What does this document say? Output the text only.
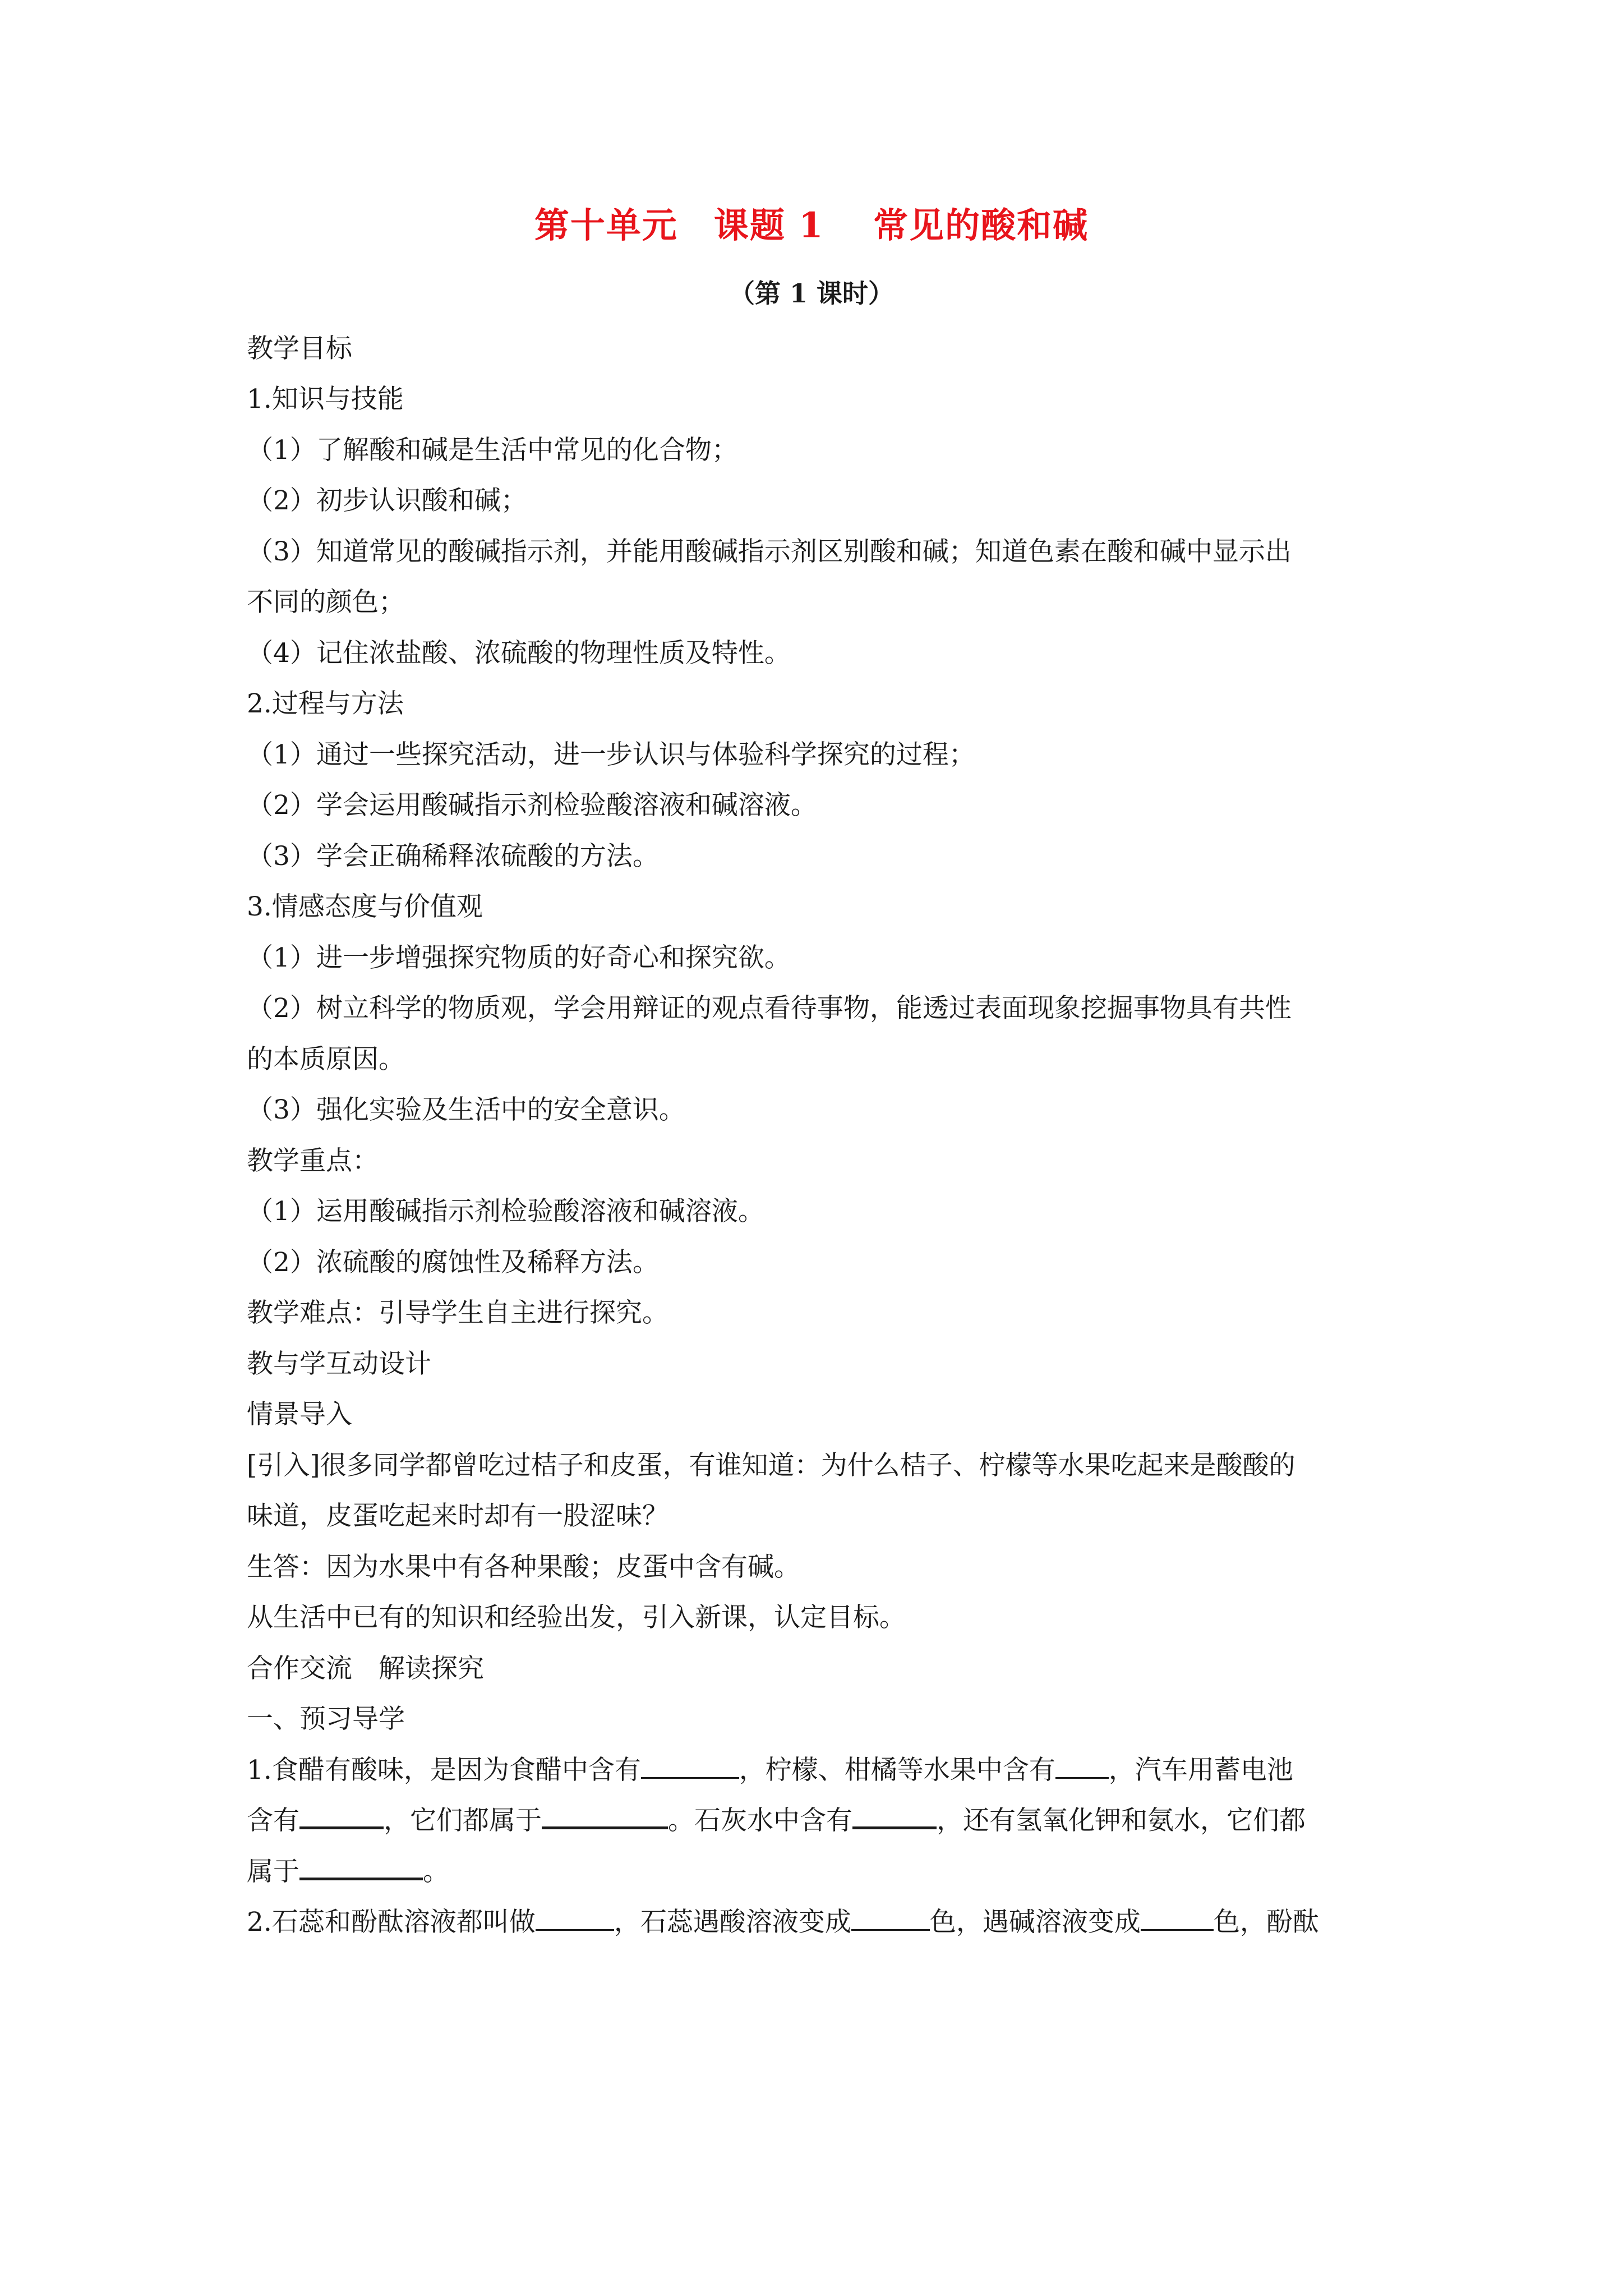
第十单元　课题 1　 常见的酸和碱
（第 1 课时）
教学目标
1.知识与技能
（1）了解酸和碱是生活中常见的化合物；
（2）初步认识酸和碱；
（3）知道常见的酸碱指示剂，并能用酸碱指示剂区别酸和碱；知道色素在酸和碱中显示出
不同的颜色；
（4）记住浓盐酸、浓硫酸的物理性质及特性。
2.过程与方法
（1）通过一些探究活动，进一步认识与体验科学探究的过程；
（2）学会运用酸碱指示剂检验酸溶液和碱溶液。
（3）学会正确稀释浓硫酸的方法。
3.情感态度与价值观
（1）进一步增强探究物质的好奇心和探究欲。
（2）树立科学的物质观，学会用辩证的观点看待事物，能透过表面现象挖掘事物具有共性
的本质原因。
（3）强化实验及生活中的安全意识。
教学重点：
（1）运用酸碱指示剂检验酸溶液和碱溶液。
（2）浓硫酸的腐蚀性及稀释方法。
教学难点：引导学生自主进行探究。
教与学互动设计
情景导入
[引入]很多同学都曾吃过桔子和皮蛋，有谁知道：为什么桔子、柠檬等水果吃起来是酸酸的
味道，皮蛋吃起来时却有一股涩味？
生答：因为水果中有各种果酸；皮蛋中含有碱。
从生活中已有的知识和经验出发，引入新课，认定目标。
合作交流　解读探究
一、预习导学
1.食醋有酸味，是因为食醋中含有	，柠檬、柑橘等水果中含有 ，汽车用蓄电池
含有	，它们都属于	。石灰水中含有	，还有氢氧化钾和氨水，它们都
属于	。
2.石蕊和酚酞溶液都叫做	，石蕊遇酸溶液变成	色，遇碱溶液变成	色，酚酞
